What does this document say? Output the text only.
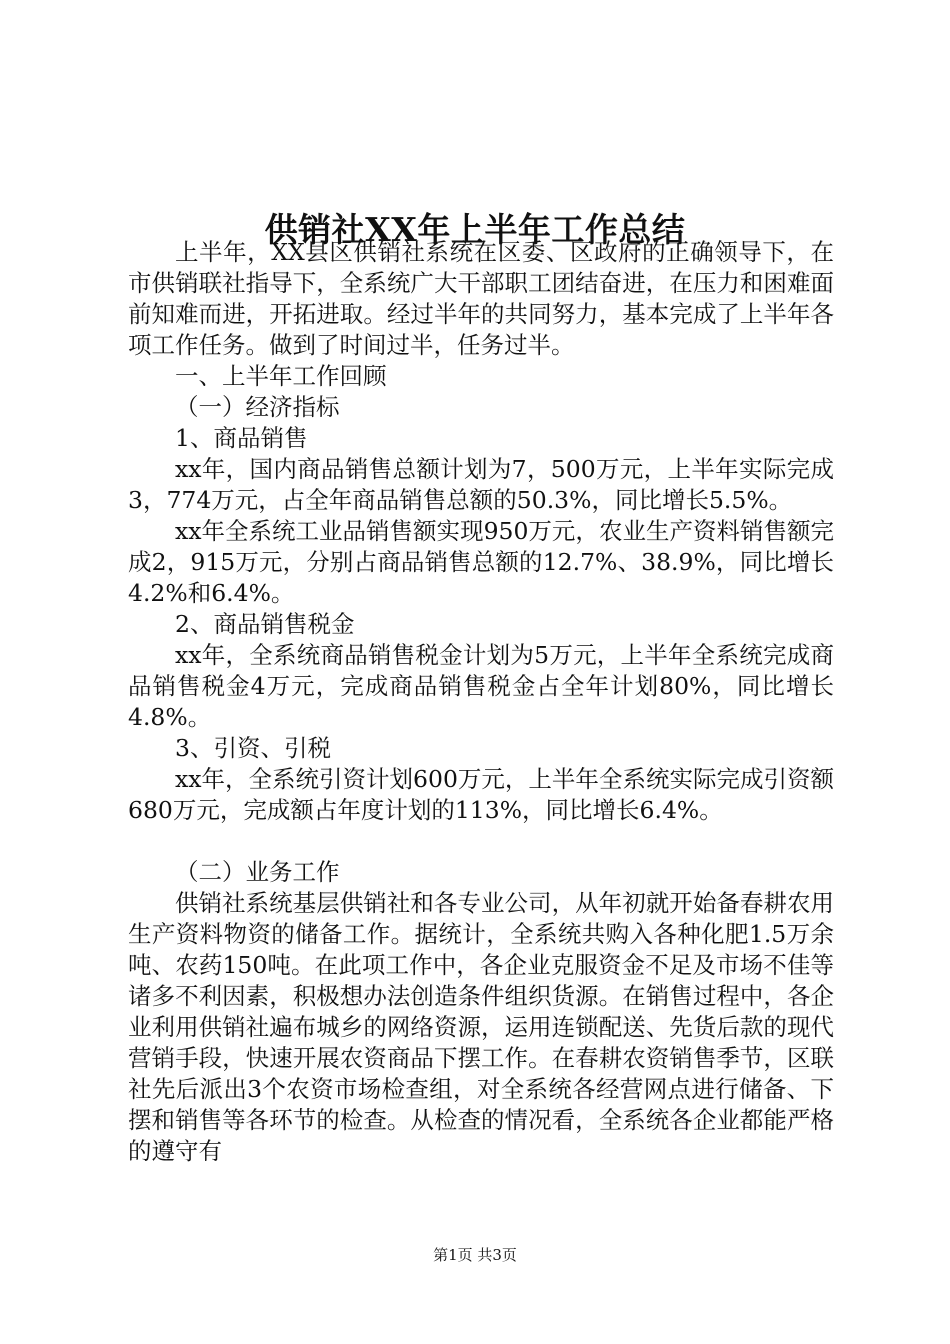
供销社XX年上半年工作总结

上半年，XX县区供销社系统在区委、区政府的正确领导下，在市供销联社指导下，全系统广大干部职工团结奋进，在压力和困难面前知难而进，开拓进取。经过半年的共同努力，基本完成了上半年各项工作任务。做到了时间过半，任务过半。

一、上半年工作回顾

（一）经济指标

1、商品销售

xx年，国内商品销售总额计划为7，500万元，上半年实际完成3，774万元，占全年商品销售总额的50.3%，同比增长5.5%。

xx年全系统工业品销售额实现950万元，农业生产资料销售额完成2，915万元，分别占商品销售总额的12.7%、38.9%，同比增长4.2%和6.4%。

2、商品销售税金

xx年，全系统商品销售税金计划为5万元，上半年全系统完成商品销售税金4万元，完成商品销售税金占全年计划80%，同比增长4.8%。

3、引资、引税

xx年，全系统引资计划600万元，上半年全系统实际完成引资额680万元，完成额占年度计划的113%，同比增长6.4%。

（二）业务工作

供销社系统基层供销社和各专业公司，从年初就开始备春耕农用生产资料物资的储备工作。据统计，全系统共购入各种化肥1.5万余吨、农药150吨。在此项工作中，各企业克服资金不足及市场不佳等诸多不利因素，积极想办法创造条件组织货源。在销售过程中，各企业利用供销社遍布城乡的网络资源，运用连锁配送、先货后款的现代营销手段，快速开展农资商品下摆工作。在春耕农资销售季节，区联社先后派出3个农资市场检查组，对全系统各经营网点进行储备、下摆和销售等各环节的检查。从检查的情况看，全系统各企业都能严格的遵守有

第1页 共3页
